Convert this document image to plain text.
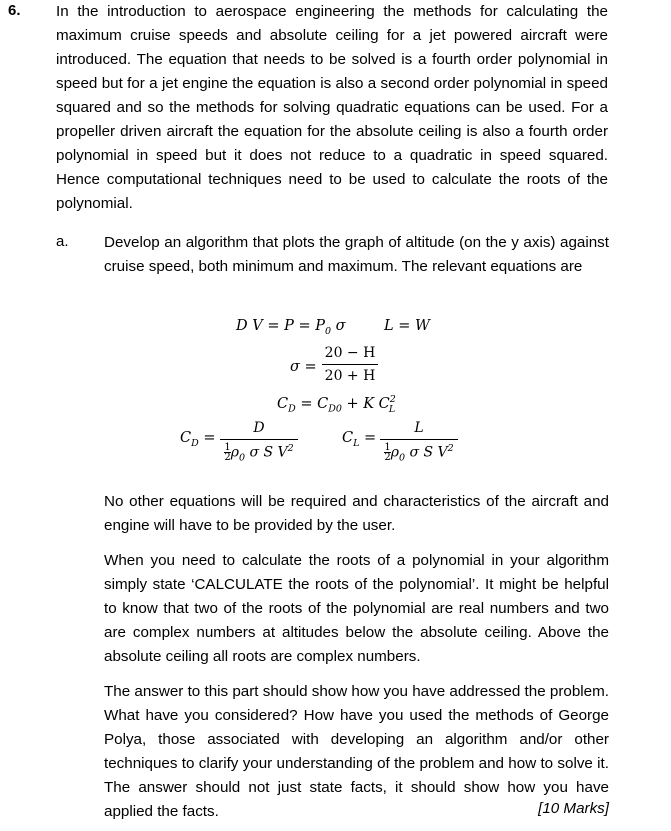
6. In the introduction to aerospace engineering the methods for calculating the maximum cruise speeds and absolute ceiling for a jet powered aircraft were introduced. The equation that needs to be solved is a fourth order polynomial in speed but for a jet engine the equation is also a second order polynomial in speed squared and so the methods for solving quadratic equations can be used. For a propeller driven aircraft the equation for the absolute ceiling is also a fourth order polynomial in speed but it does not reduce to a quadratic in speed squared. Hence computational techniques need to be used to calculate the roots of the polynomial.

a. Develop an algorithm that plots the graph of altitude (on the y axis) against cruise speed, both minimum and maximum. The relevant equations are

D $V = P = P_0$ σ	L = W
σ =
20 − H
20 + H
$C_D = C_{D0} + K$ $C^2_L$
$C_D$ =
D
$\frac{1}{2} \rho_0$ σ S $V^2$
$C_L$ =
L
$\frac{1}{2} \rho_0$ σ S $V^2$

No other equations will be required and characteristics of the aircraft and engine will have to be provided by the user.

When you need to calculate the roots of a polynomial in your algorithm simply state ‘CALCULATE the roots of the polynomial’. It might be helpful to know that two of the roots of the polynomial are real numbers and two are complex numbers at altitudes below the absolute ceiling. Above the absolute ceiling all roots are complex numbers.

The answer to this part should show how you have addressed the problem. What have you considered? How have you used the methods of George Polya, those associated with developing an algorithm and/or other techniques to clarify your understanding of the problem and how to solve it. The answer should not just state facts, it should show how you have applied the facts.	[10 Marks]
